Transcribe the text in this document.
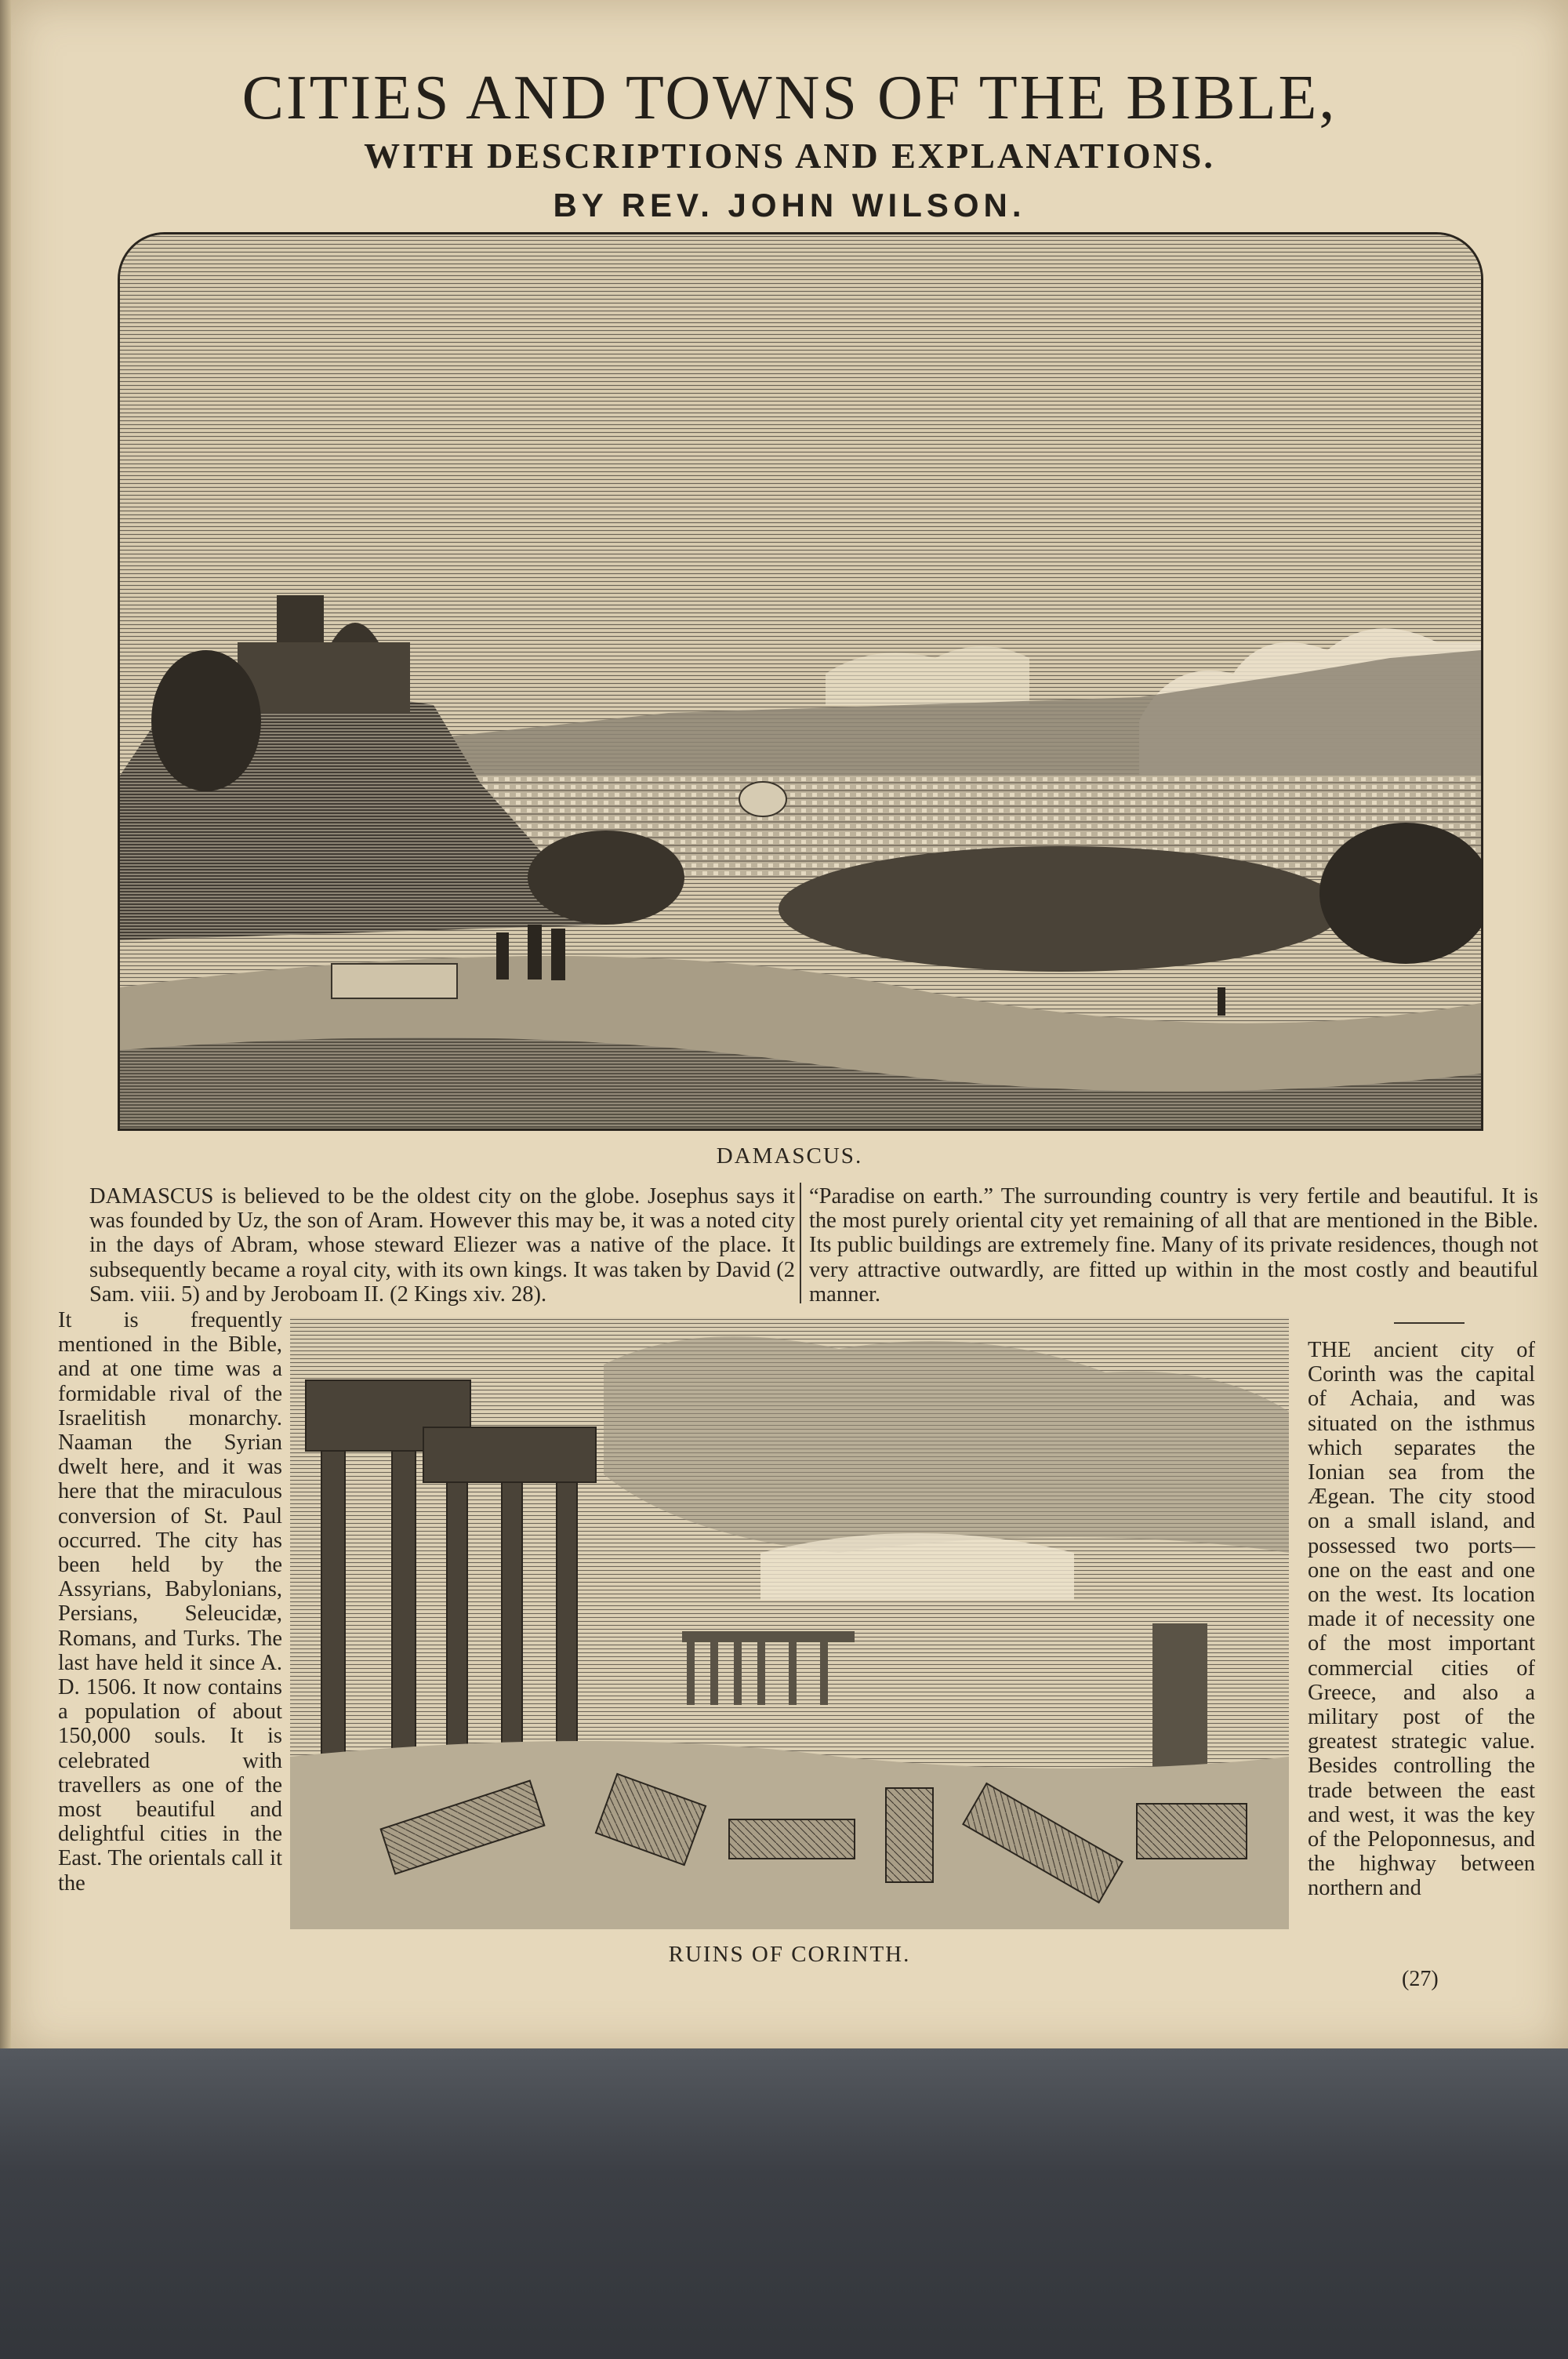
CITIES AND TOWNS OF THE BIBLE,
WITH DESCRIPTIONS AND EXPLANATIONS.
BY REV. JOHN WILSON.

DAMASCUS.

DAMASCUS is believed to be the oldest city on the globe. Josephus says it was founded by Uz, the son of Aram. However this may be, it was a noted city in the days of Abram, whose steward Eliezer was a native of the place. It subsequently became a royal city, with its own kings. It was taken by David (2 Sam. viii. 5) and by Jeroboam II. (2 Kings xiv. 28).

“Paradise on earth.” The surrounding country is very fertile and beautiful. It is the most purely oriental city yet remaining of all that are mentioned in the Bible. Its public buildings are extremely fine. Many of its private residences, though not very attractive outwardly, are fitted up within in the most costly and beautiful manner.

It is frequently mentioned in the Bible, and at one time was a formidable rival of the Israelitish monarchy. Naaman the Syrian dwelt here, and it was here that the miraculous conversion of St. Paul occurred. The city has been held by the Assyrians, Babylonians, Persians, Seleucidæ, Romans, and Turks. The last have held it since A. D. 1506. It now contains a population of about 150,000 souls. It is celebrated with travellers as one of the most beautiful and delightful cities in the East. The orientals call it the

RUINS OF CORINTH.

THE ancient city of Corinth was the capital of Achaia, and was situated on the isthmus which separates the Ionian sea from the Ægean. The city stood on a small island, and possessed two ports—one on the east and one on the west. Its location made it of necessity one of the most important commercial cities of Greece, and also a military post of the greatest strategic value. Besides controlling the trade between the east and west, it was the key of the Peloponnesus, and the highway between northern and

(27)
